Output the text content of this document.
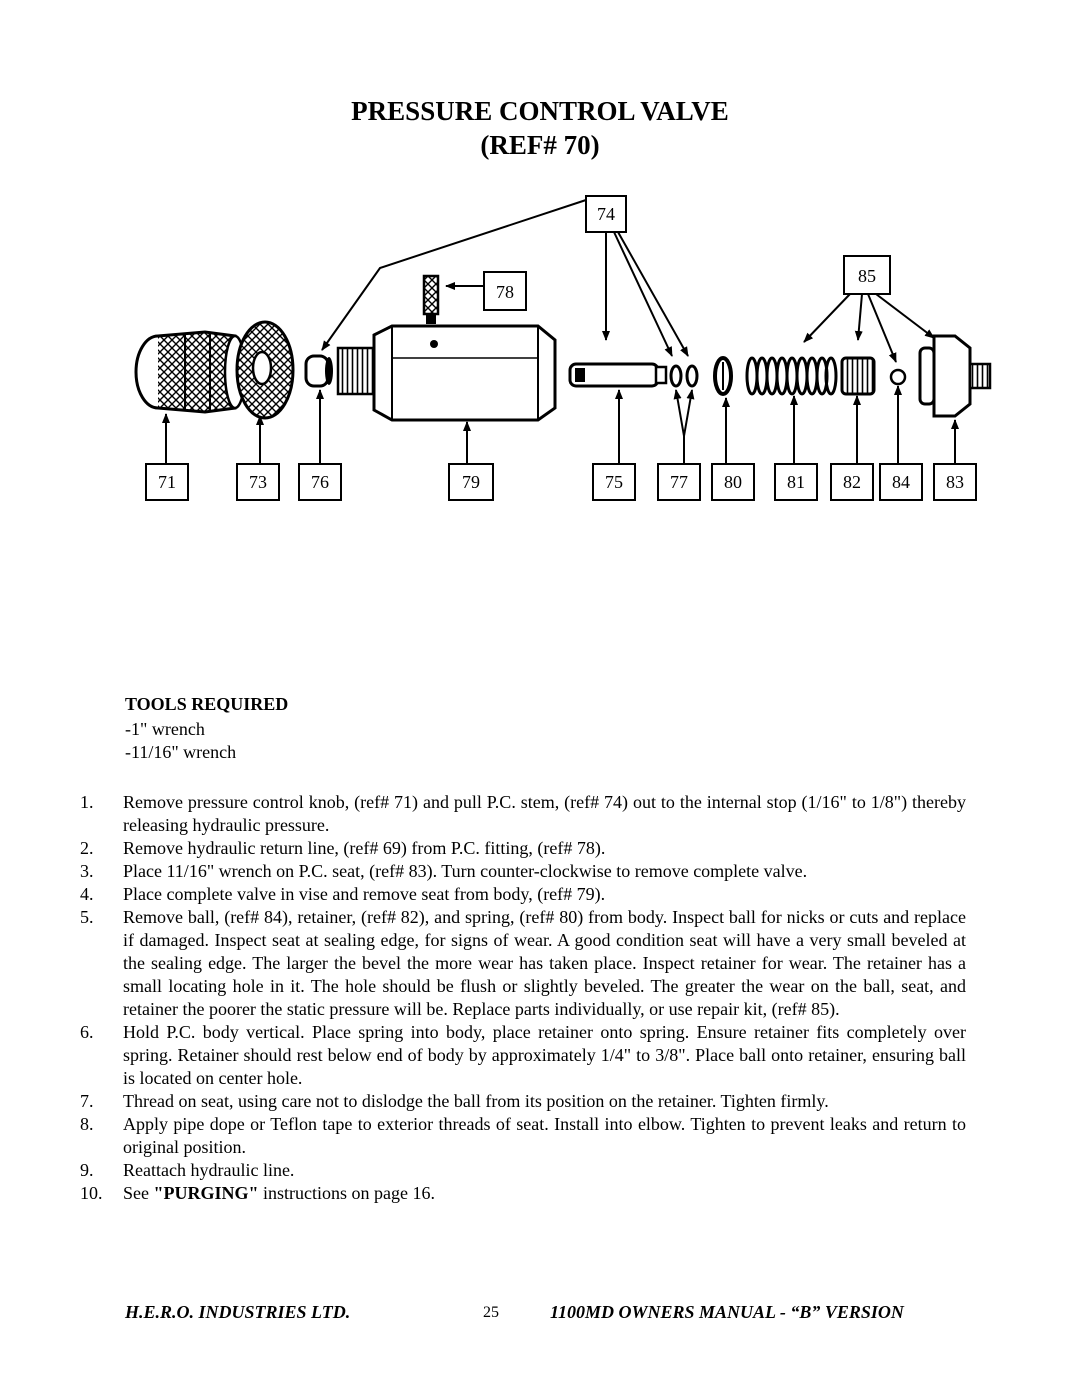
PRESSURE CONTROL VALVE
(REF# 70)
74
85
78
71	73 76	79	75	77 80	81 82 84 83
TOOLS REQUIRED
-1" wrench
-11/16" wrench
1. Remove pressure control knob, (ref# 71) and pull P.C. stem, (ref# 74) out to the internal stop (1/16" to 1/8") thereby releasing hydraulic pressure.
2. Remove hydraulic return line, (ref# 69) from P.C. fitting, (ref# 78).
3. Place 11/16" wrench on P.C. seat, (ref# 83). Turn counter-clockwise to remove complete valve.
4. Place complete valve in vise and remove seat from body, (ref# 79).
5. Remove ball, (ref# 84), retainer, (ref# 82), and spring, (ref# 80) from body. Inspect ball for nicks or cuts and replace if damaged. Inspect seat at sealing edge, for signs of wear. A good condition seat will have a very small beveled at the sealing edge. The larger the bevel the more wear has taken place. Inspect retainer for wear. The retainer has a small locating hole in it. The hole should be flush or slightly beveled. The greater the wear on the ball, seat, and retainer the poorer the static pressure will be. Replace parts individually, or use repair kit, (ref# 85).
6. Hold P.C. body vertical. Place spring into body, place retainer onto spring. Ensure retainer fits completely over spring. Retainer should rest below end of body by approximately 1/4" to 3/8". Place ball onto retainer, ensuring ball is located on center hole.
7. Thread on seat, using care not to dislodge the ball from its position on the retainer. Tighten firmly.
8. Apply pipe dope or Teflon tape to exterior threads of seat. Install into elbow. Tighten to prevent leaks and return to original position.
9. Reattach hydraulic line.
10. See "PURGING" instructions on page 16.
H.E.R.O. INDUSTRIES LTD.	25	1100MD OWNERS MANUAL - “B” VERSION
